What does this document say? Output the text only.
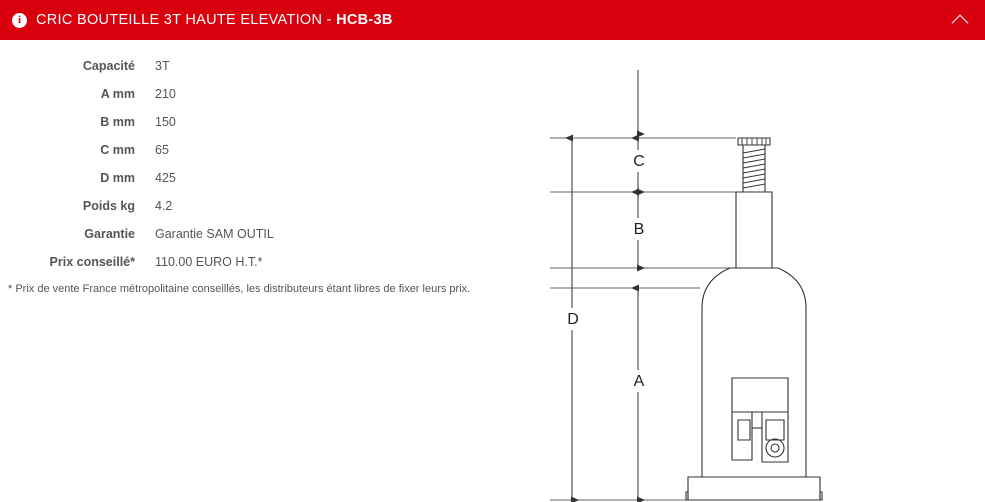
i	CRIC BOUTEILLE 3T HAUTE ELEVATION - HCB-3B
Capacité	3T
A mm	210
B mm	150
C mm	65
D mm	425
Poids kg	4.2
Garantie	Garantie SAM OUTIL
Prix conseillé*	110.00 EURO H.T.*
* Prix de vente France métropolitaine conseillés, les distributeurs étant libres de fixer leurs prix.
C
B
A
D
